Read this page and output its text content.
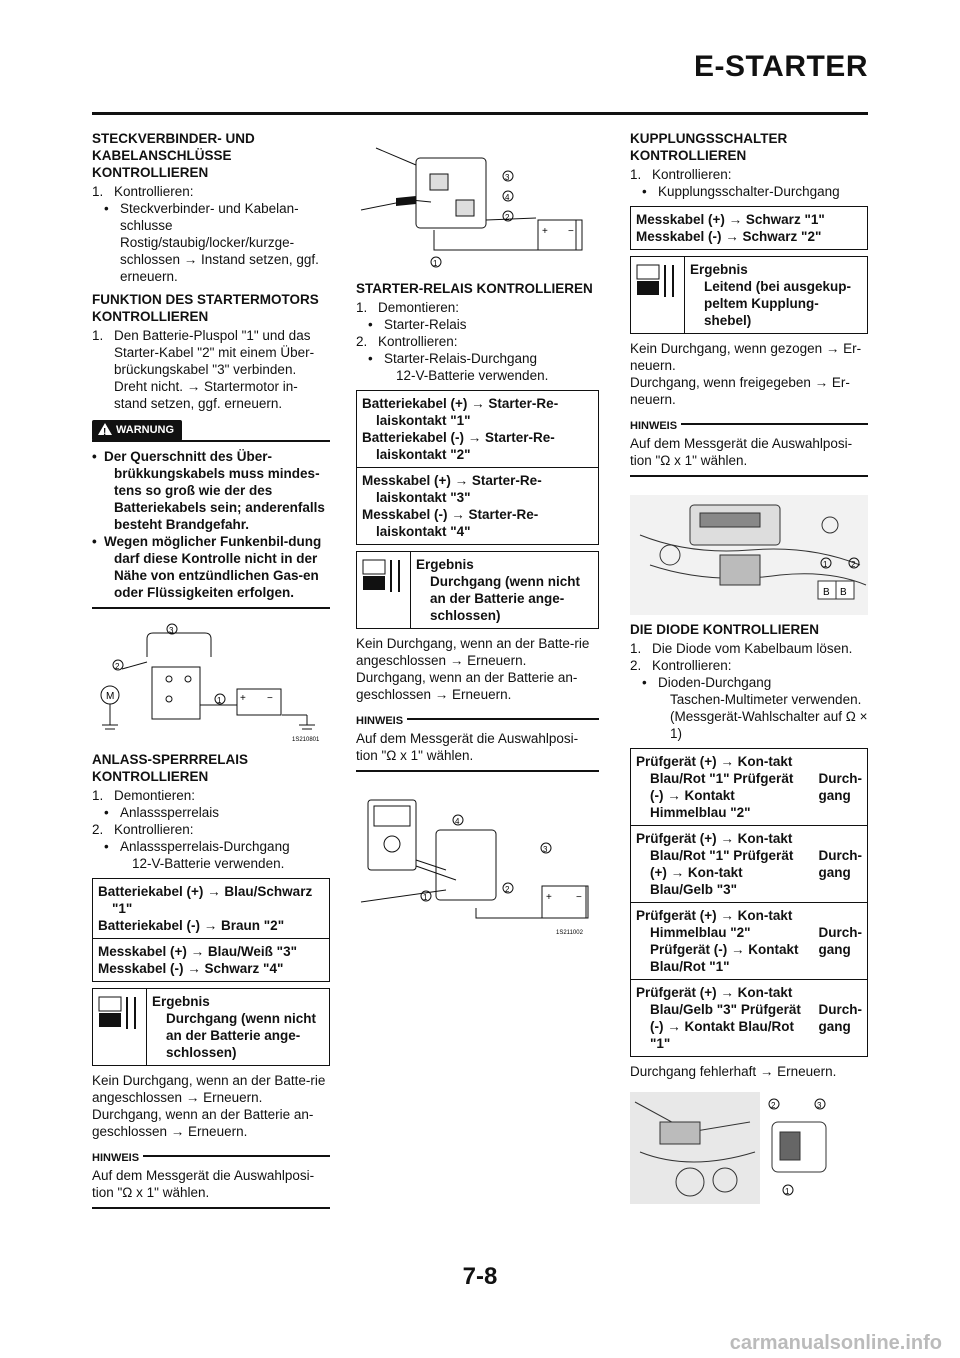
E-STARTER
STECKVERBINDER- UND KABELANSCHLÜSSE KONTROLLIEREN

1. Kontrollieren:

• Steckverbinder- und Kabelan-schlusse Rostig/staubig/locker/kurzge-schlossen → Instand setzen, ggf. erneuern.

FUNKTION DES STARTERMOTORS KONTROLLIEREN

1. Den Batterie-Pluspol "1" und das Starter-Kabel "2" mit einem Über-brückungskabel "3" verbinden. Dreht nicht. → Startermotor in-stand setzen, ggf. erneuern.

! WARNUNG
• Der Querschnitt des Über-brükkungskabels muss mindes-tens so groß wie der des Batteriekabels sein; anderenfalls besteht Brandgefahr.
• Wegen möglicher Funkenbil-dung darf diese Kontrolle nicht in der Nähe von entzündlichen Gas-en oder Flüssigkeiten erfolgen.
M	+ −
3
2
1
1S210801
ANLASS-SPERRRELAIS KONTROLLIEREN

1. Demontieren:

• Anlasssperrelais

2. Kontrollieren:

• Anlasssperrelais-Durchgang

12-V-Batterie verwenden.

Batteriekabel (+) → Blau/Schwarz "1"
Batteriekabel (-) → Braun "2"
Messkabel (+) → Blau/Weiß "3"
Messkabel (-) → Schwarz "4"
Ergebnis
Durchgang (wenn nicht an der Batterie ange-schlossen)

Kein Durchgang, wenn an der Batte-rie angeschlossen → Erneuern.

Durchgang, wenn an der Batterie an-geschlossen → Erneuern.

HINWEIS
Auf dem Messgerät die Auswahlposi-tion "Ω x 1" wählen.
+ −
3
4
2
1
STARTER-RELAIS KONTROLLIEREN

1. Demontieren:

• Starter-Relais

2. Kontrollieren:

• Starter-Relais-Durchgang

12-V-Batterie verwenden.

Batteriekabel (+) → Starter-Re-laiskontakt "1"
Batteriekabel (-) → Starter-Re-laiskontakt "2"
Messkabel (+) → Starter-Re-laiskontakt "3"
Messkabel (-) → Starter-Re-laiskontakt "4"
Ergebnis
Durchgang (wenn nicht an der Batterie ange-schlossen)

Kein Durchgang, wenn an der Batte-rie angeschlossen → Erneuern.

Durchgang, wenn an der Batterie an-geschlossen → Erneuern.

HINWEIS
Auf dem Messgerät die Auswahlposi-tion "Ω x 1" wählen.
+ −
4
3
2
1
1S211002
KUPPLUNGSSCHALTER KONTROLLIEREN

1. Kontrollieren:

• Kupplungsschalter-Durchgang

Messkabel (+) → Schwarz "1"
Messkabel (-) → Schwarz "2"
Ergebnis
Leitend (bei ausgekup-peltem Kupplung-shebel)

Kein Durchgang, wenn gezogen → Er-neuern.

Durchgang, wenn freigegeben → Er-neuern.

HINWEIS
Auf dem Messgerät die Auswahlposi-tion "Ω x 1" wählen.
B B
1	2
DIE DIODE KONTROLLIEREN

1. Die Diode vom Kabelbaum lösen.

2. Kontrollieren:

• Dioden-Durchgang

Taschen-Multimeter verwenden. (Messgerät-Wahlschalter auf Ω × 1)

Prüfgerät (+) → Kon-takt Blau/Rot "1" Prüfgerät (-) → Kontakt Himmelblau "2"
Durch-gang
Prüfgerät (+) → Kon-takt Blau/Rot "1" Prüfgerät (+) → Kon-takt Blau/Gelb "3"
Durch-gang
Prüfgerät (+) → Kon-takt Himmelblau "2" Prüfgerät (-) → Kontakt Blau/Rot "1"
Durch-gang
Prüfgerät (+) → Kon-takt Blau/Gelb "3" Prüfgerät (-) → Kontakt Blau/Rot "1"
Durch-gang

Durchgang fehlerhaft → Erneuern.

2	3
1
7-8
carmanualsonline.info
